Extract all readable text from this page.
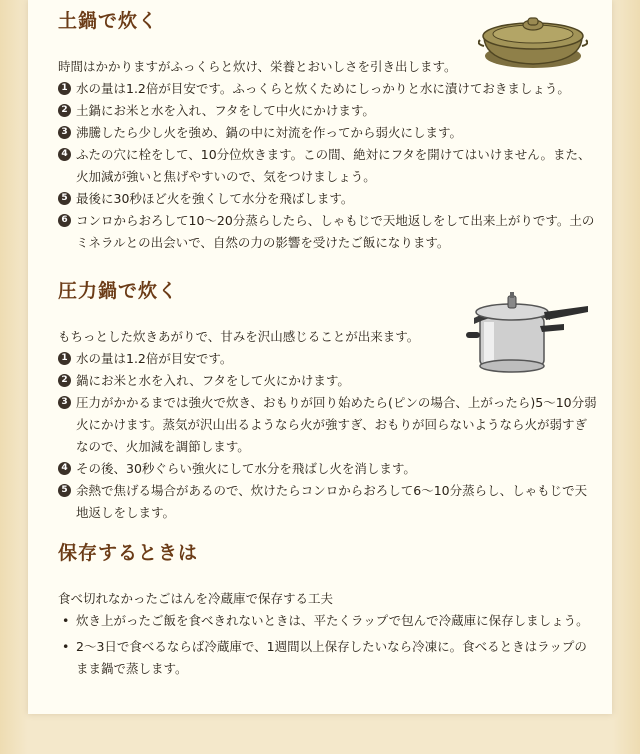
土鍋で炊く

時間はかかりますがふっくらと炊け、栄養とおいしさを引き出します。

1 水の量は1.2倍が目安です。ふっくらと炊くためにしっかりと水に漬けておきましょう。
2 土鍋にお米と水を入れ、フタをして中火にかけます。
3 沸騰したら少し火を強め、鍋の中に対流を作ってから弱火にします。
4 ふたの穴に栓をして、10分位炊きます。この間、絶対にフタを開けてはいけません。また、火加減が強いと焦げやすいので、気をつけましょう。
5 最後に30秒ほど火を強くして水分を飛ばします。
6 コンロからおろして10〜20分蒸らしたら、しゃもじで天地返しをして出来上がりです。土のミネラルとの出会いで、自然の力の影響を受けたご飯になります。
圧力鍋で炊く

もちっとした炊きあがりで、甘みを沢山感じることが出来ます。

1 水の量は1.2倍が目安です。
2 鍋にお米と水を入れ、フタをして火にかけます。
3 圧力がかかるまでは強火で炊き、おもりが回り始めたら(ピンの場合、上がったら)5〜10分弱火にかけます。蒸気が沢山出るようなら火が強すぎ、おもりが回らないようなら火が弱すぎなので、火加減を調節します。
4 その後、30秒ぐらい強火にして水分を飛ばし火を消します。
5 余熱で焦げる場合があるので、炊けたらコンロからおろして6〜10分蒸らし、しゃもじで天地返しをします。
保存するときは

食べ切れなかったごはんを冷蔵庫で保存する工夫

• 炊き上がったご飯を食べきれないときは、平たくラップで包んで冷蔵庫に保存しましょう。
• 2〜3日で食べるならば冷蔵庫で、1週間以上保存したいなら冷凍に。食べるときはラップのまま鍋で蒸します。
